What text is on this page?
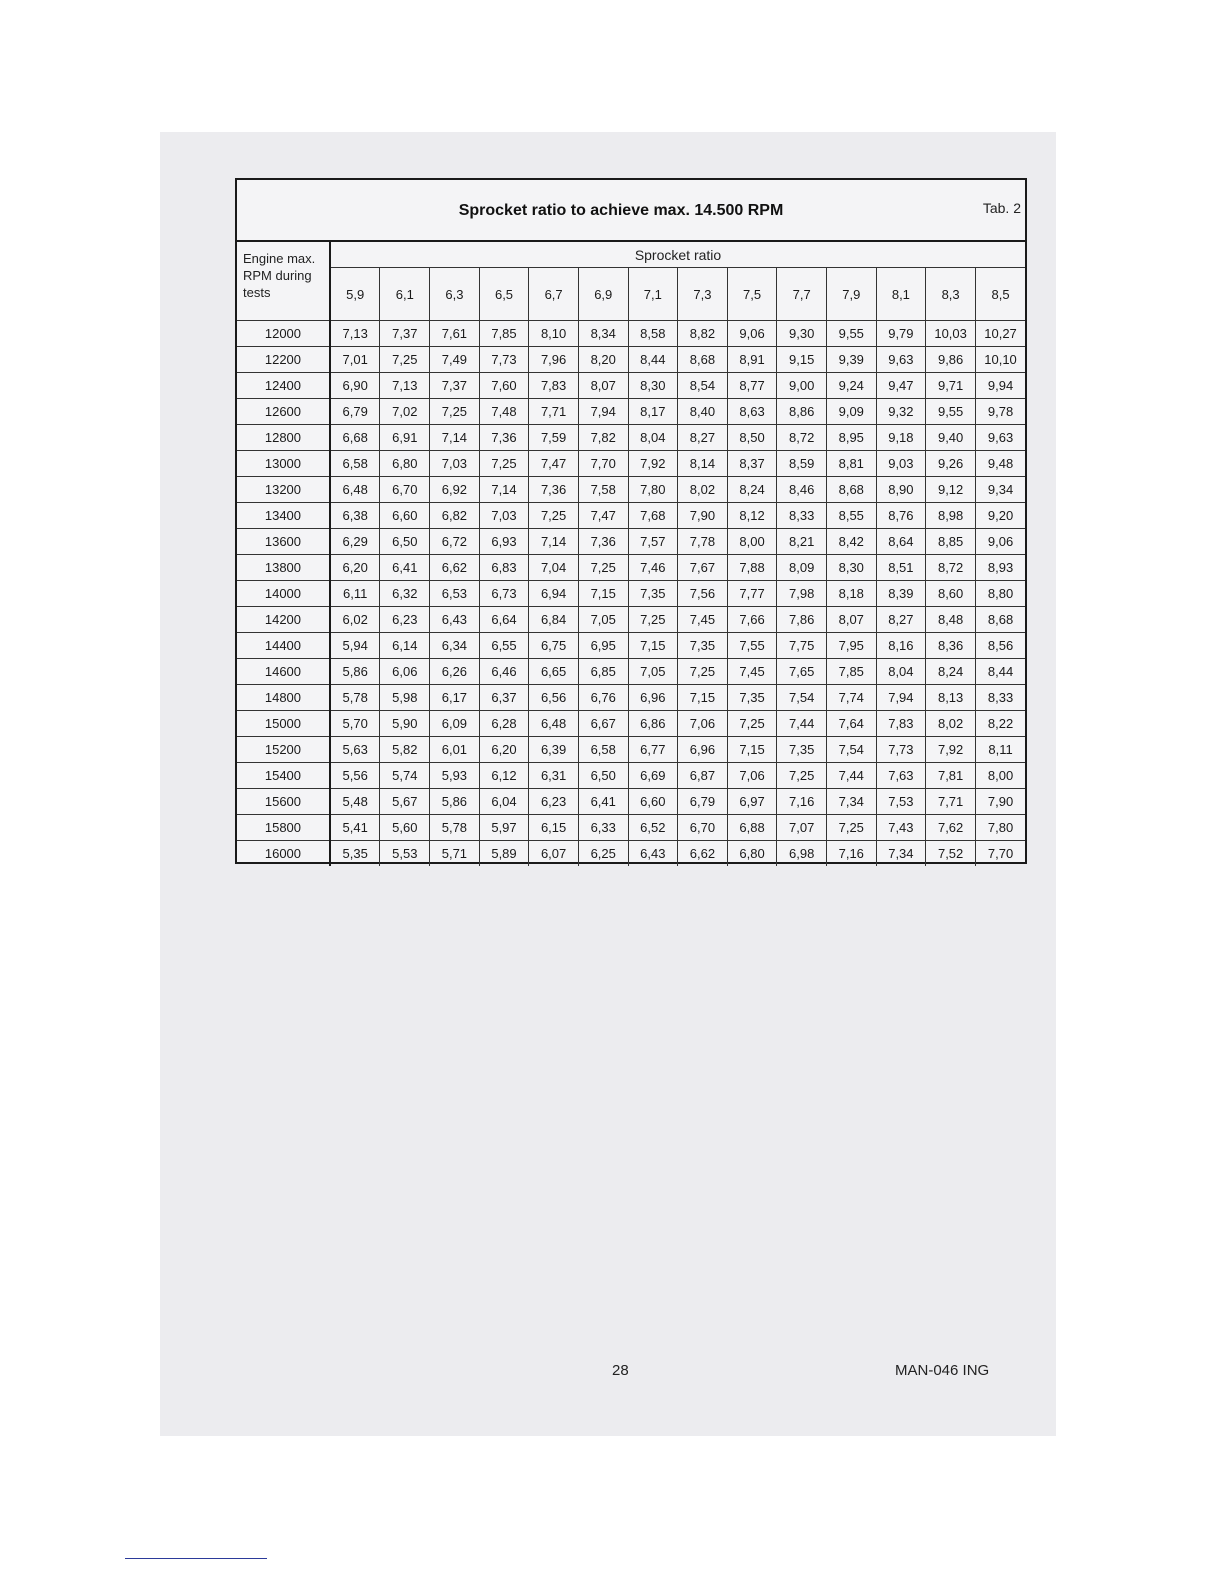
Sprocket ratio to achieve max. 14.500 RPM	Tab. 2
Engine max.
RPM during
tests
Sprocket ratio
	5,9	6,1	6,3	6,5	6,7	6,9	7,1	7,3	7,5	7,7	7,9	8,1	8,3	8,5
12000	7,13	7,37	7,61	7,85	8,10	8,34	8,58	8,82	9,06	9,30	9,55	9,79	10,03	10,27
12200	7,01	7,25	7,49	7,73	7,96	8,20	8,44	8,68	8,91	9,15	9,39	9,63	9,86	10,10
12400	6,90	7,13	7,37	7,60	7,83	8,07	8,30	8,54	8,77	9,00	9,24	9,47	9,71	9,94
12600	6,79	7,02	7,25	7,48	7,71	7,94	8,17	8,40	8,63	8,86	9,09	9,32	9,55	9,78
12800	6,68	6,91	7,14	7,36	7,59	7,82	8,04	8,27	8,50	8,72	8,95	9,18	9,40	9,63
13000	6,58	6,80	7,03	7,25	7,47	7,70	7,92	8,14	8,37	8,59	8,81	9,03	9,26	9,48
13200	6,48	6,70	6,92	7,14	7,36	7,58	7,80	8,02	8,24	8,46	8,68	8,90	9,12	9,34
13400	6,38	6,60	6,82	7,03	7,25	7,47	7,68	7,90	8,12	8,33	8,55	8,76	8,98	9,20
13600	6,29	6,50	6,72	6,93	7,14	7,36	7,57	7,78	8,00	8,21	8,42	8,64	8,85	9,06
13800	6,20	6,41	6,62	6,83	7,04	7,25	7,46	7,67	7,88	8,09	8,30	8,51	8,72	8,93
14000	6,11	6,32	6,53	6,73	6,94	7,15	7,35	7,56	7,77	7,98	8,18	8,39	8,60	8,80
14200	6,02	6,23	6,43	6,64	6,84	7,05	7,25	7,45	7,66	7,86	8,07	8,27	8,48	8,68
14400	5,94	6,14	6,34	6,55	6,75	6,95	7,15	7,35	7,55	7,75	7,95	8,16	8,36	8,56
14600	5,86	6,06	6,26	6,46	6,65	6,85	7,05	7,25	7,45	7,65	7,85	8,04	8,24	8,44
14800	5,78	5,98	6,17	6,37	6,56	6,76	6,96	7,15	7,35	7,54	7,74	7,94	8,13	8,33
15000	5,70	5,90	6,09	6,28	6,48	6,67	6,86	7,06	7,25	7,44	7,64	7,83	8,02	8,22
15200	5,63	5,82	6,01	6,20	6,39	6,58	6,77	6,96	7,15	7,35	7,54	7,73	7,92	8,11
15400	5,56	5,74	5,93	6,12	6,31	6,50	6,69	6,87	7,06	7,25	7,44	7,63	7,81	8,00
15600	5,48	5,67	5,86	6,04	6,23	6,41	6,60	6,79	6,97	7,16	7,34	7,53	7,71	7,90
15800	5,41	5,60	5,78	5,97	6,15	6,33	6,52	6,70	6,88	7,07	7,25	7,43	7,62	7,80
16000	5,35	5,53	5,71	5,89	6,07	6,25	6,43	6,62	6,80	6,98	7,16	7,34	7,52	7,70
28	MAN-046 ING
